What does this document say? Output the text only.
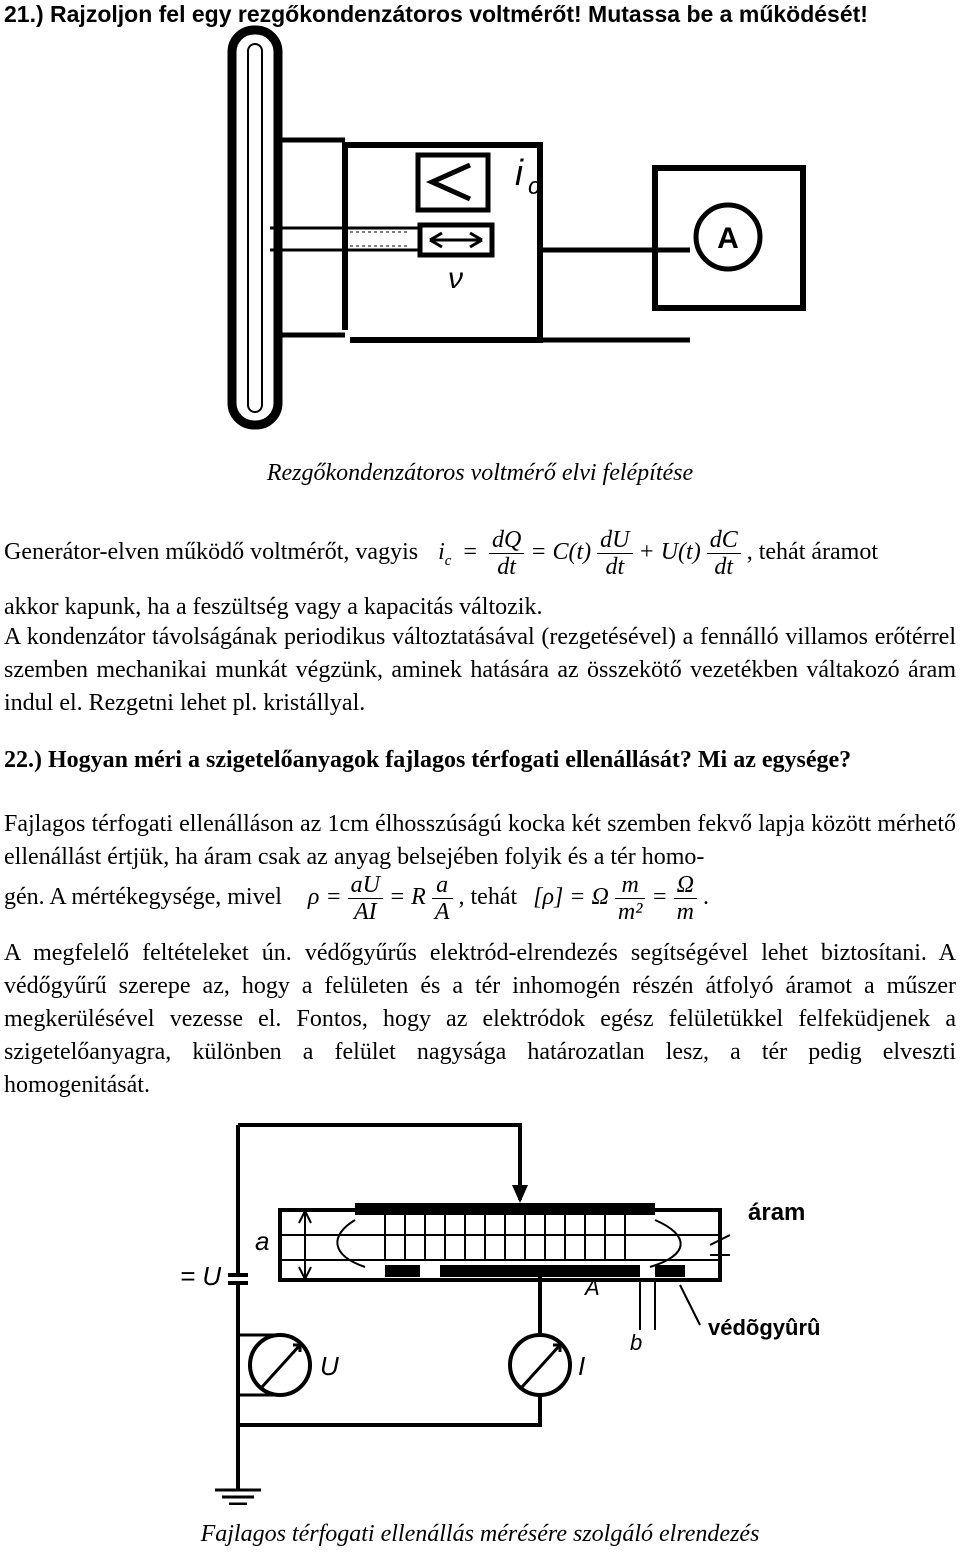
21.) Rajzoljon fel egy rezgőkondenzátoros voltmérőt! Mutassa be a működését!
A
i c
ν

Rezgőkondenzátoros voltmérő elvi felépítése

Generátor-elven működő voltmérőt, vagyis $i_c = \frac{dQ}{dt} = C(t) \frac{dU}{dt} + U(t) \frac{dC}{dt}$ , tehát áramot

akkor kapunk, ha a feszültség vagy a kapacitás változik.

A kondenzátor távolságának periodikus változtatásával (rezgetésével) a fennálló villamos erőtérrel szemben mechanikai munkát végzünk, aminek hatására az összekötő vezetékben váltakozó áram indul el. Rezgetni lehet pl. kristállyal.

22.) Hogyan méri a szigetelőanyagok fajlagos térfogati ellenállását? Mi az egysége?

Fajlagos térfogati ellenálláson az 1cm élhosszúságú kocka két szemben fekvő lapja között mérhető ellenállást értjük, ha áram csak az anyag belsejében folyik és a tér homo-

gén. A mértékegysége, mivel $\rho = \frac{aU}{AI} = R \frac{a}{A}$ , tehát [ρ] = Ω $\frac{m}{\text{m²}} = \frac{\Omega}{m}$ .

A megfelelő feltételeket ún. védőgyűrűs elektród-elrendezés segítségével lehet biztosítani. A védőgyűrű szerepe az, hogy a felületen és a tér inhomogén részén átfolyó áramot a műszer megkerülésével vezesse el. Fontos, hogy az elektródok egész felületükkel felfeküdjenek a szigetelőanyagra, különben a felület nagysága határozatlan lesz, a tér pedig elveszti homogenitását.

a
áram
= U
U	I
A
b
védõgyûrû

Fajlagos térfogati ellenállás mérésére szolgáló elrendezés
